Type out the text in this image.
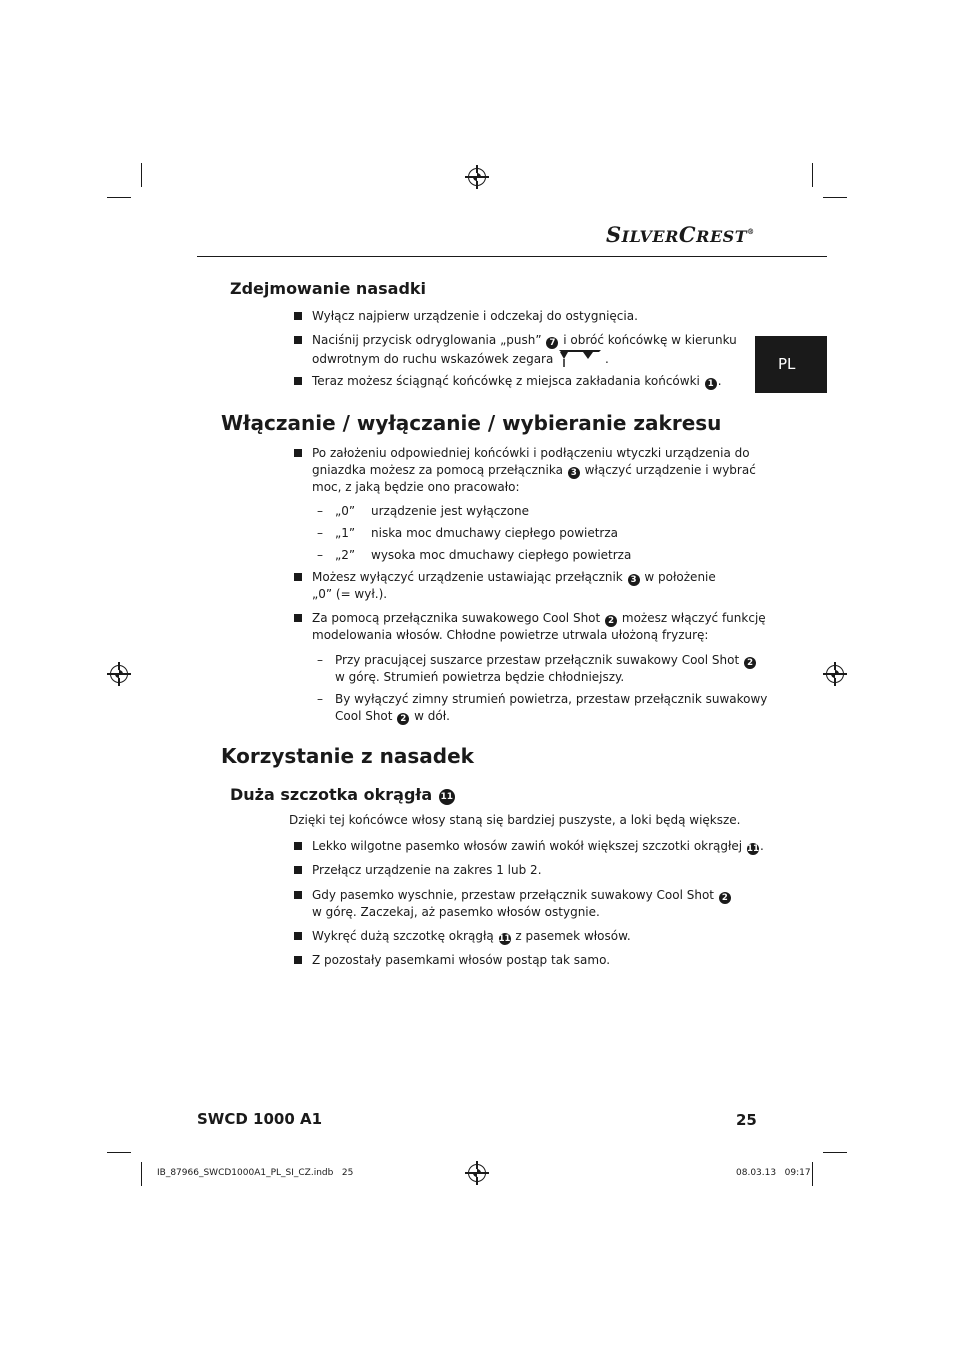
SILVERCREST®
PL
Zdejmowanie nasadki
Wyłącz najpierw urządzenie i odczekaj do ostygnięcia.
Naciśnij przycisk odryglowania „push” 7 i obróć końcówkę w kierunku
odwrotnym do ruchu wskazówek zegara	.
Teraz możesz ściągnąć końcówkę z miejsca zakładania końcówki 1 .
Włączanie / wyłączanie / wybieranie zakresu
Po założeniu odpowiedniej końcówki i podłączeniu wtyczki urządzenia do
gniazdka możesz za pomocą przełącznika 3 włączyć urządzenie i wybrać
moc, z jaką będzie ono pracowało:
– „0” urządzenie jest wyłączone
– „1” niska moc dmuchawy ciepłego powietrza
– „2” wysoka moc dmuchawy ciepłego powietrza
Możesz wyłączyć urządzenie ustawiając przełącznik 3 w położenie
„0” (= wył.).
Za pomocą przełącznika suwakowego Cool Shot 2 możesz włączyć funkcję
modelowania włosów. Chłodne powietrze utrwala ułożoną fryzurę:
– Przy pracującej suszarce przestaw przełącznik suwakowy Cool Shot 2
w górę. Strumień powietrza będzie chłodniejszy.
– By wyłączyć zimny strumień powietrza, przestaw przełącznik suwakowy
Cool Shot 2 w dół.
Korzystanie z nasadek
Duża szczotka okrągła 11
Dzięki tej końcówce włosy staną się bardziej puszyste, a loki będą większe.
Lekko wilgotne pasemko włosów zawiń wokół większej szczotki okrągłej 11.
Przełącz urządzenie na zakres 1 lub 2.
Gdy pasemko wyschnie, przestaw przełącznik suwakowy Cool Shot 2
w górę. Zaczekaj, aż pasemko włosów ostygnie.
Wykręć dużą szczotkę okrągłą 11 z pasemek włosów.
Z pozostały pasemkami włosów postąp tak samo.
SWCD 1000 A1	25
IB_87966_SWCD1000A1_PL_SI_CZ.indb   25	08.03.13   09:17
